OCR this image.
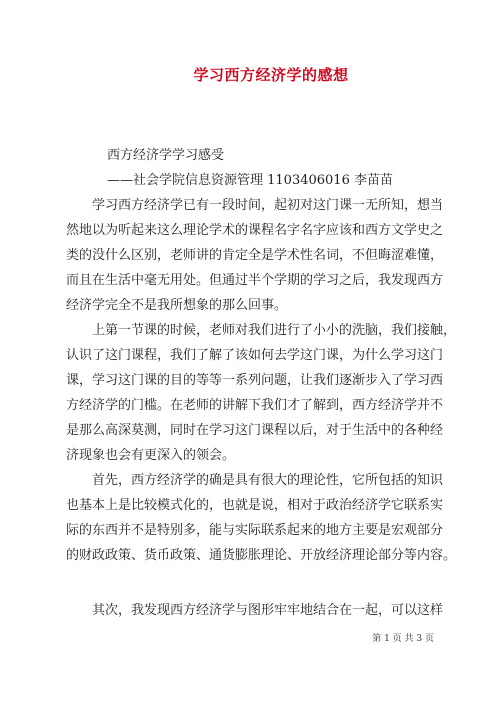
学习西方经济学的感想
西方经济学学习感受
——社会学院信息资源管理 1103406016 李苗苗
学习西方经济学已有一段时间，起初对这门课一无所知，想当
然地以为听起来这么理论学术的课程名字名字应该和西方文学史之
类的没什么区别，老师讲的肯定全是学术性名词，不但晦涩难懂，
而且在生活中毫无用处。但通过半个学期的学习之后，我发现西方
经济学完全不是我所想象的那么回事。
上第一节课的时候，老师对我们进行了小小的洗脑，我们接触，
认识了这门课程，我们了解了该如何去学这门课，为什么学习这门
课，学习这门课的目的等等一系列问题，让我们逐渐步入了学习西
方经济学的门槛。在老师的讲解下我们才了解到，西方经济学并不
是那么高深莫测，同时在学习这门课程以后，对于生活中的各种经
济现象也会有更深入的领会。
首先，西方经济学的确是具有很大的理论性，它所包括的知识
也基本上是比较模式化的，也就是说，相对于政治经济学它联系实
际的东西并不是特别多，能与实际联系起来的地方主要是宏观部分
的财政政策、货币政策、通货膨胀理论、开放经济理论部分等内容。
其次，我发现西方经济学与图形牢牢地结合在一起，可以这样
第 1 页 共 3 页
